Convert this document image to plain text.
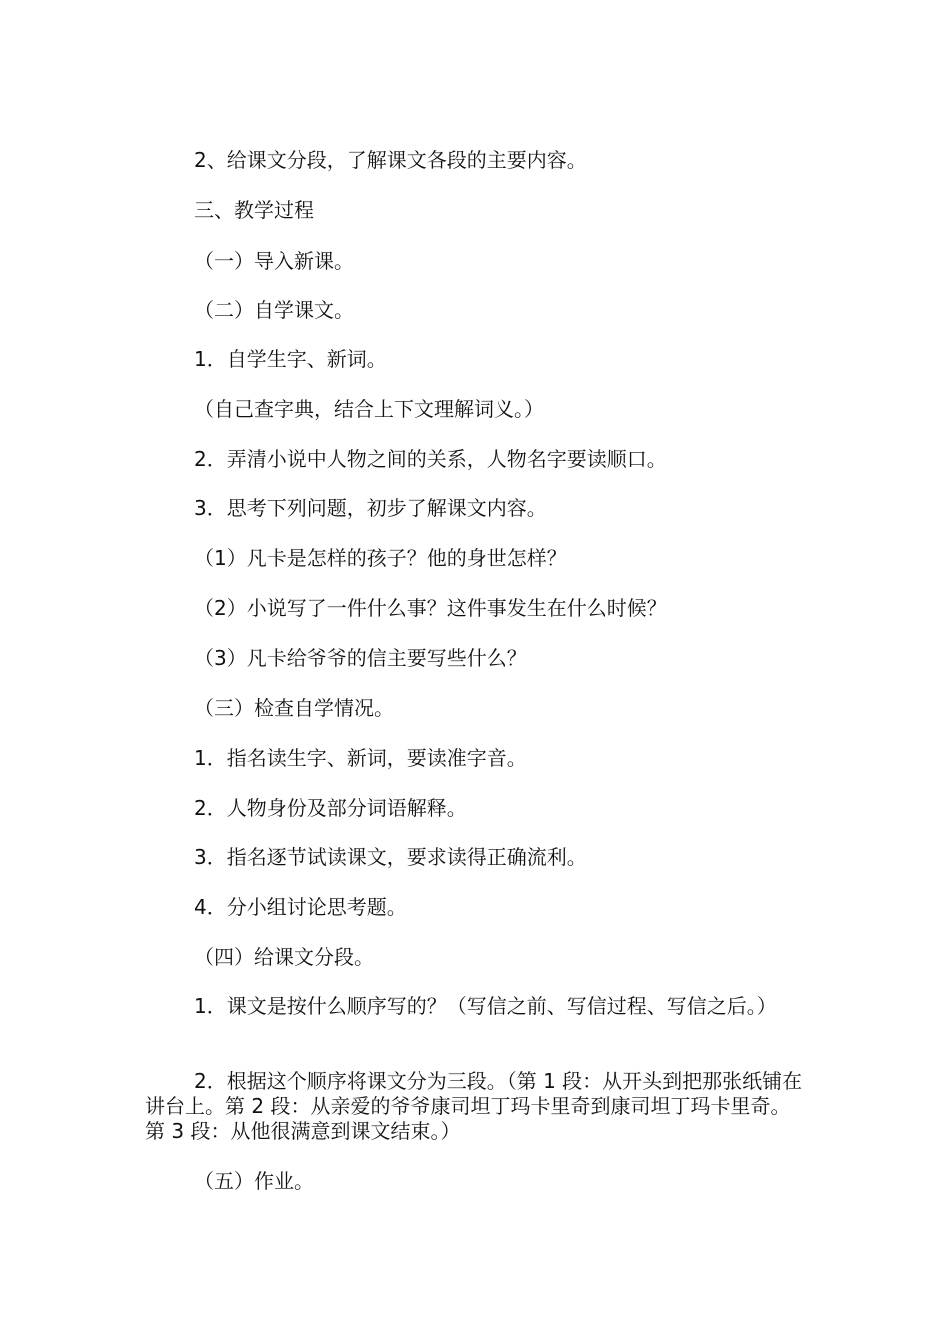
2、给课文分段，了解课文各段的主要内容。

三、教学过程

（一）导入新课。

（二）自学课文。

1．自学生字、新词。

（自己查字典，结合上下文理解词义。）

2．弄清小说中人物之间的关系，人物名字要读顺口。

3．思考下列问题，初步了解课文内容。

（1）凡卡是怎样的孩子？他的身世怎样？

（2）小说写了一件什么事？这件事发生在什么时候？

（3）凡卡给爷爷的信主要写些什么？

（三）检查自学情况。

1．指名读生字、新词，要读准字音。

2．人物身份及部分词语解释。

3．指名逐节试读课文，要求读得正确流利。

4．分小组讨论思考题。

（四）给课文分段。

1．课文是按什么顺序写的？（写信之前、写信过程、写信之后。）

2．根据这个顺序将课文分为三段。（第 1 段：从开头到把那张纸铺在讲台上。第 2 段：从亲爱的爷爷康司坦丁玛卡里奇到康司坦丁玛卡里奇。第 3 段：从他很满意到课文结束。）

（五）作业。
